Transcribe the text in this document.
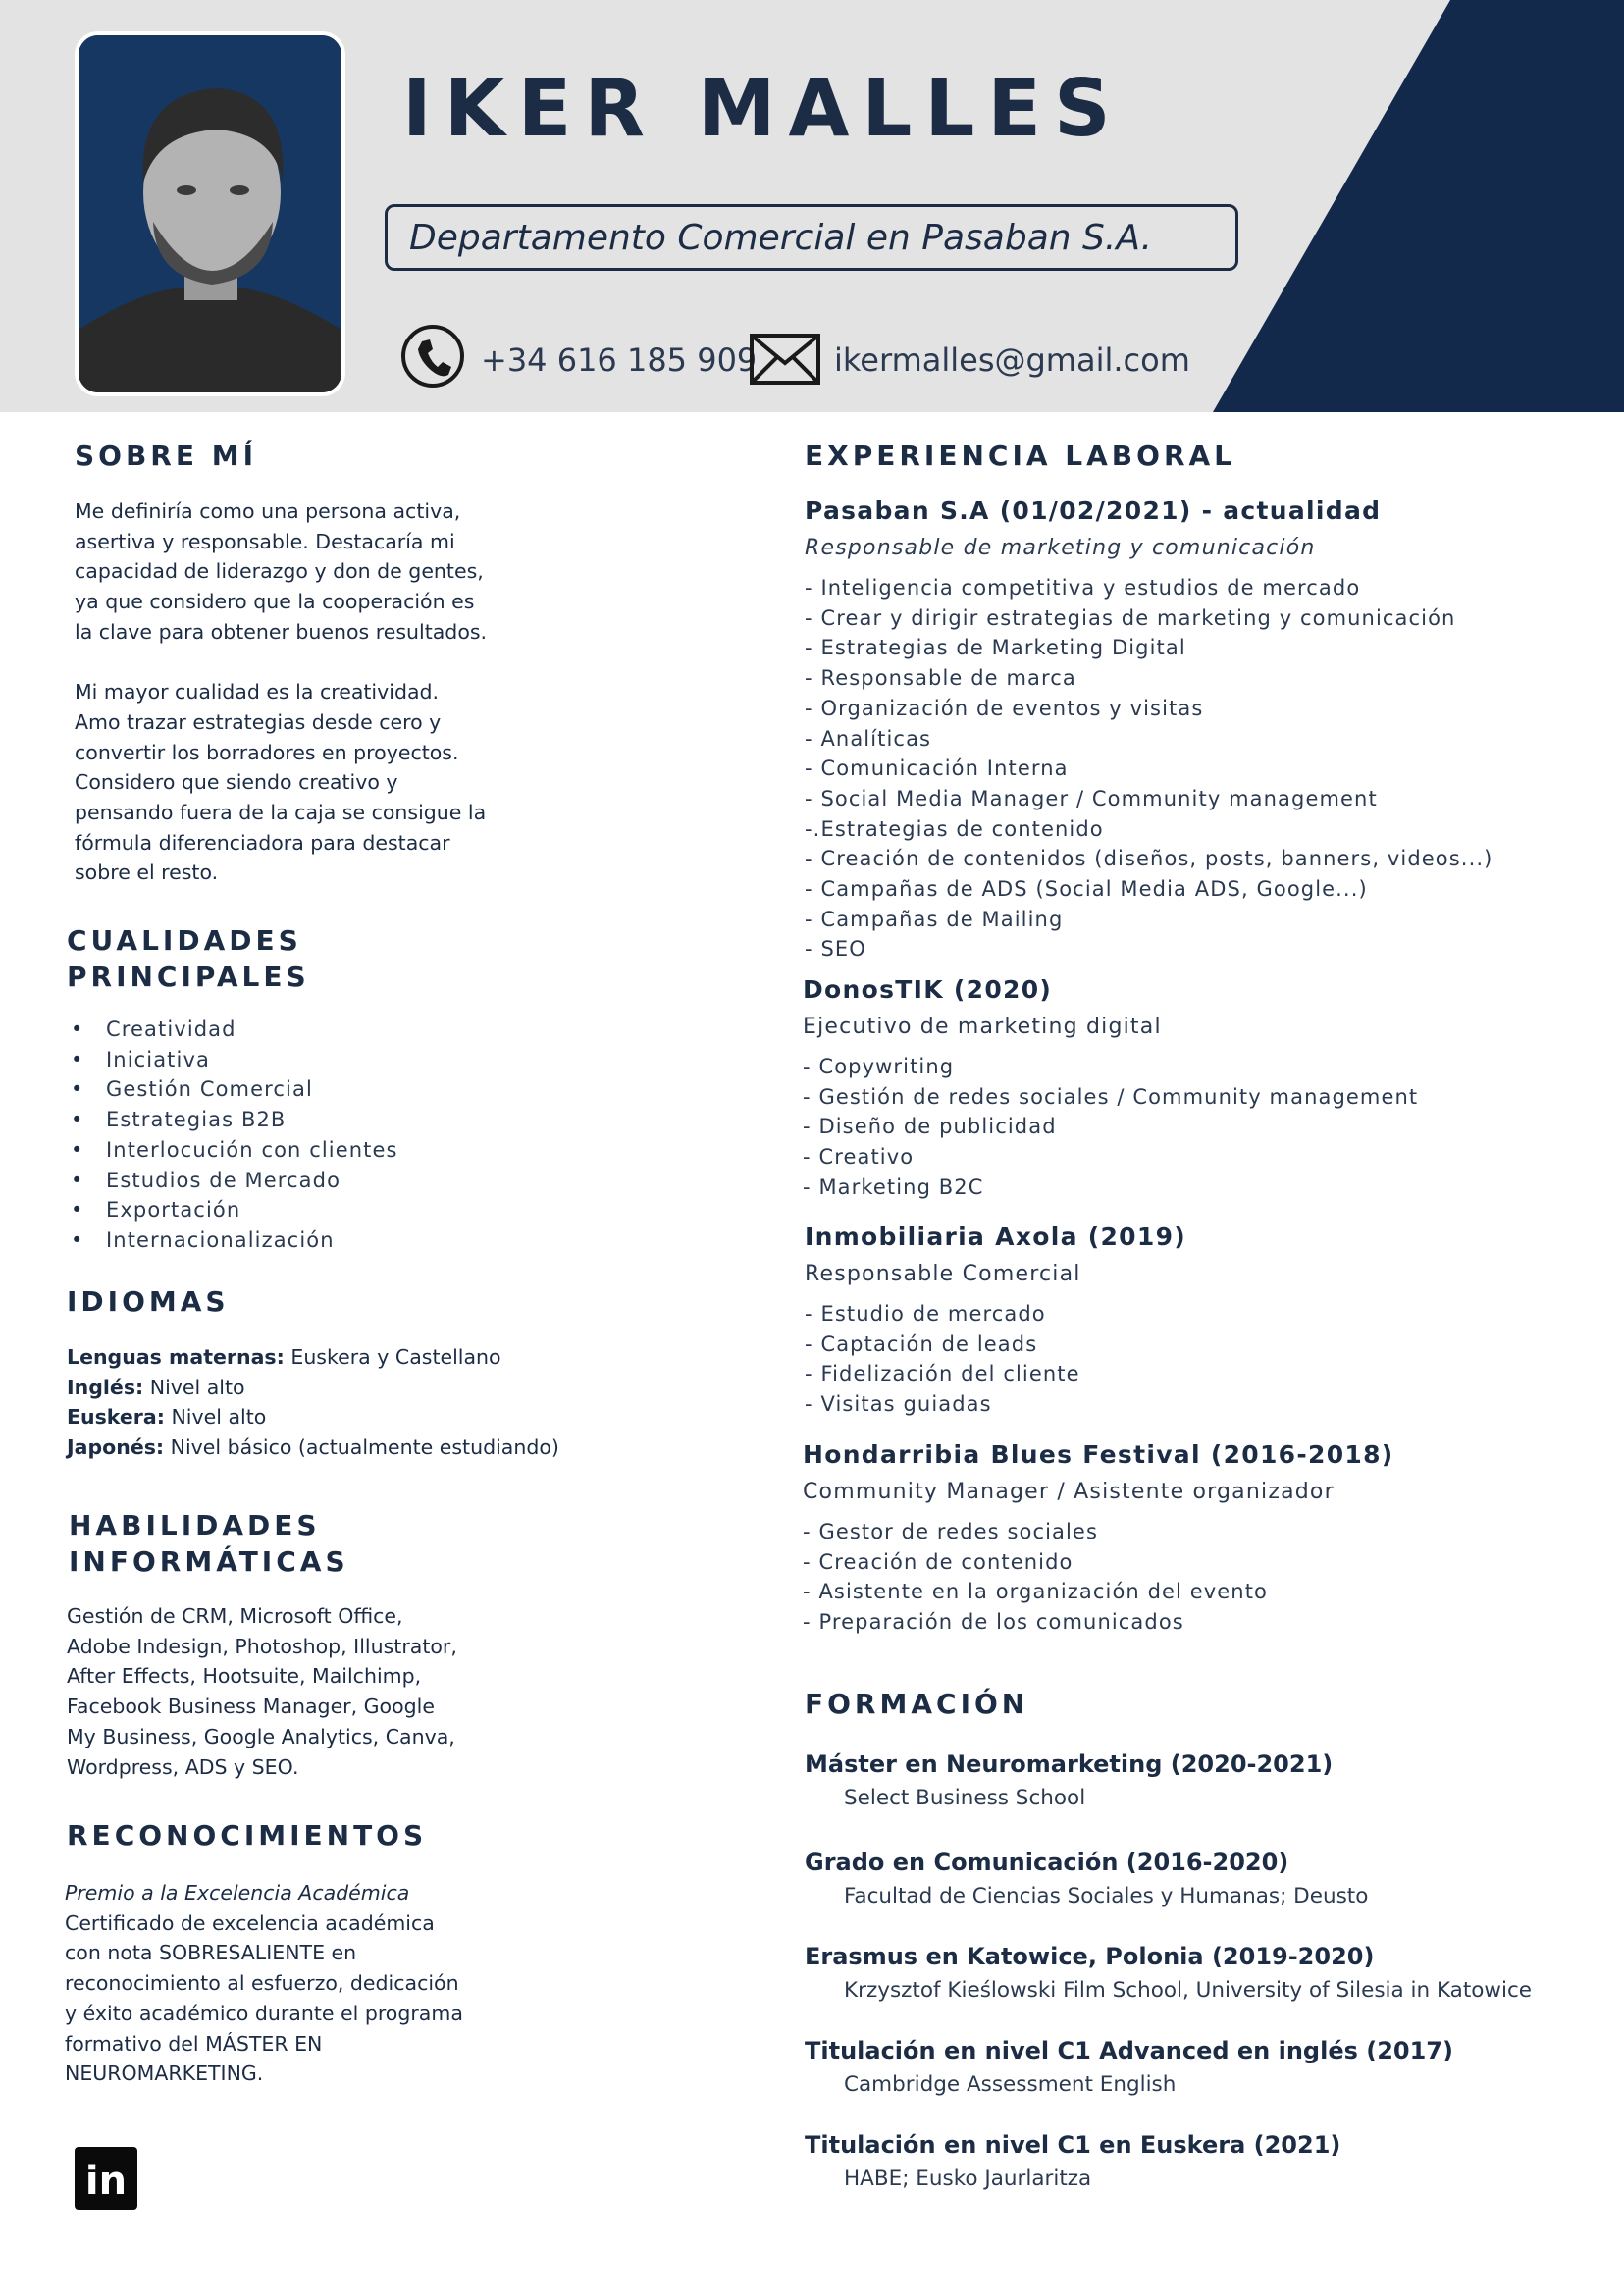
IKER MALLES
Departamento Comercial en Pasaban S.A.
+34 616 185 909 ikermalles@gmail.com
SOBRE MÍ
Me definiría como una persona activa,
asertiva y responsable. Destacaría mi
capacidad de liderazgo y don de gentes,
ya que considero que la cooperación es
la clave para obtener buenos resultados.
Mi mayor cualidad es la creatividad.
Amo trazar estrategias desde cero y
convertir los borradores en proyectos.
Considero que siendo creativo y
pensando fuera de la caja se consigue la
fórmula diferenciadora para destacar
sobre el resto.
CUALIDADES
PRINCIPALES
• Creatividad
• Iniciativa
• Gestión Comercial
• Estrategias B2B
• Interlocución con clientes
• Estudios de Mercado
• Exportación
• Internacionalización
IDIOMAS
Lenguas maternas: Euskera y Castellano
Inglés: Nivel alto
Euskera: Nivel alto
Japonés: Nivel básico (actualmente estudiando)
HABILIDADES
INFORMÁTICAS
Gestión de CRM, Microsoft Office,
Adobe Indesign, Photoshop, Illustrator,
After Effects, Hootsuite, Mailchimp,
Facebook Business Manager, Google
My Business, Google Analytics, Canva,
Wordpress, ADS y SEO.
RECONOCIMIENTOS
Premio a la Excelencia Académica
Certificado de excelencia académica
con nota SOBRESALIENTE en
reconocimiento al esfuerzo, dedicación
y éxito académico durante el programa
formativo del MÁSTER EN
NEUROMARKETING.
in
EXPERIENCIA LABORAL
Pasaban S.A (01/02/2021) - actualidad
Responsable de marketing y comunicación
- Inteligencia competitiva y estudios de mercado
- Crear y dirigir estrategias de marketing y comunicación
- Estrategias de Marketing Digital
- Responsable de marca
- Organización de eventos y visitas
- Analíticas
- Comunicación Interna
- Social Media Manager / Community management
-.Estrategias de contenido
- Creación de contenidos (diseños, posts, banners, videos...)
- Campañas de ADS (Social Media ADS, Google...)
- Campañas de Mailing
- SEO
DonosTIK (2020)
Ejecutivo de marketing digital
- Copywriting
- Gestión de redes sociales / Community management
- Diseño de publicidad
- Creativo
- Marketing B2C
Inmobiliaria Axola (2019)
Responsable Comercial
- Estudio de mercado
- Captación de leads
- Fidelización del cliente
- Visitas guiadas
Hondarribia Blues Festival (2016-2018)
Community Manager / Asistente organizador
- Gestor de redes sociales
- Creación de contenido
- Asistente en la organización del evento
- Preparación de los comunicados
FORMACIÓN
Máster en Neuromarketing (2020-2021)
Select Business School
Grado en Comunicación (2016-2020)
Facultad de Ciencias Sociales y Humanas; Deusto
Erasmus en Katowice, Polonia (2019-2020)
Krzysztof Kieślowski Film School, University of Silesia in Katowice
Titulación en nivel C1 Advanced en inglés (2017)
Cambridge Assessment English
Titulación en nivel C1 en Euskera (2021)
HABE; Eusko Jaurlaritza
